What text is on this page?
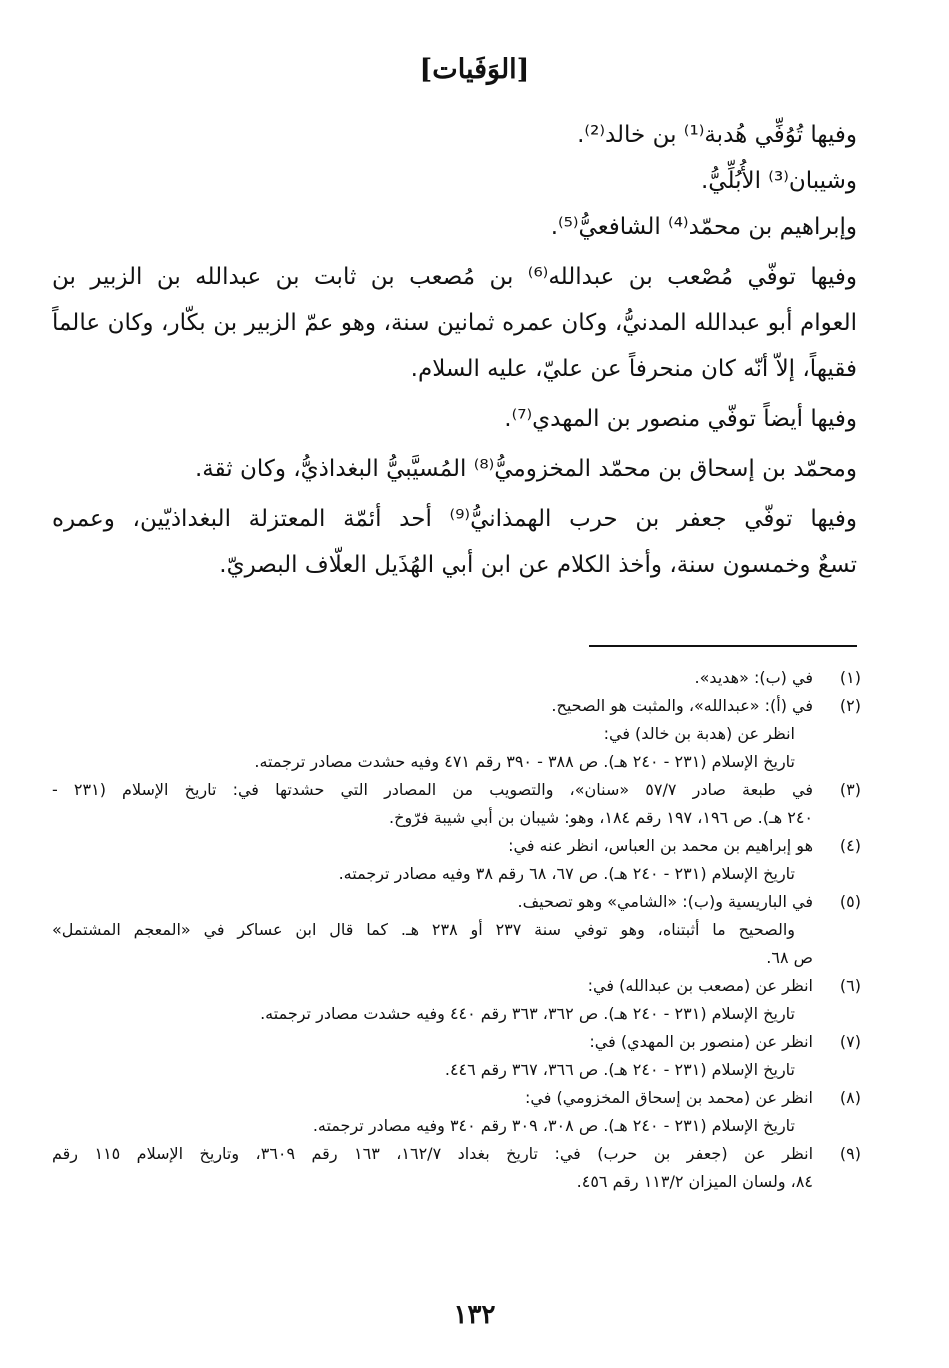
[الوَفَيات]
وفيها تُوُفِّي هُدبة⁽¹⁾ بن خالد⁽²⁾.
وشيبان⁽³⁾ الأُبُلِّيُّ.
وإبراهيم بن محمّد⁽⁴⁾ الشافعيُّ⁽⁵⁾.
وفيها توفّي مُصْعب بن عبدالله⁽⁶⁾ بن مُصعب بن ثابت بن عبدالله بن الزبير بن
العوام أبو عبدالله المدنيُّ، وكان عمره ثمانين سنة، وهو عمّ الزبير بن بكّار، وكان عالماً
فقيهاً، إلاّ أنّه كان منحرفاً عن عليّ، عليه السلام.
وفيها أيضاً توفّي منصور بن المهدي⁽⁷⁾.
ومحمّد بن إسحاق بن محمّد المخزوميُّ⁽⁸⁾ المُسيَّبيُّ البغداذيُّ، وكان ثقة.
وفيها توفّي جعفر بن حرب الهمذانيُّ⁽⁹⁾ أحد أئمّة المعتزلة البغداذيّين، وعمره
تسعٌ وخمسون سنة، وأخذ الكلام عن ابن أبي الهُذَيل العلّاف البصريّ.
(١)
في (ب): «هديد».
(٢)
في (أ): «عبدالله»، والمثبت هو الصحيح.
انظر عن (هدبة بن خالد) في:
تاريخ الإسلام (٢٣١ - ٢٤٠ هـ). ص ٣٨٨ - ٣٩٠ رقم ٤٧١ وفيه حشدت مصادر ترجمته.
(٣)
في طبعة صادر ٥٧/٧ «سنان»، والتصويب من المصادر التي حشدتها في: تاريخ الإسلام (٢٣١ -
٢٤٠ هـ). ص ١٩٦، ١٩٧ رقم ١٨٤، وهو: شيبان بن أبي شيبة فرّوخ.
(٤)
هو إبراهيم بن محمد بن العباس، انظر عنه في:
تاريخ الإسلام (٢٣١ - ٢٤٠ هـ). ص ٦٧، ٦٨ رقم ٣٨ وفيه مصادر ترجمته.
(٥)
في الباريسية و(ب): «الشامي» وهو تصحيف.
والصحيح ما أثبتناه، وهو توفي سنة ٢٣٧ أو ٢٣٨ هـ. كما قال ابن عساكر في «المعجم المشتمل»
ص ٦٨.
(٦)
انظر عن (مصعب بن عبدالله) في:
تاريخ الإسلام (٢٣١ - ٢٤٠ هـ). ص ٣٦٢، ٣٦٣ رقم ٤٤٠ وفيه حشدت مصادر ترجمته.
(٧)
انظر عن (منصور بن المهدي) في:
تاريخ الإسلام (٢٣١ - ٢٤٠ هـ). ص ٣٦٦، ٣٦٧ رقم ٤٤٦.
(٨)
انظر عن (محمد بن إسحاق المخزومي) في:
تاريخ الإسلام (٢٣١ - ٢٤٠ هـ). ص ٣٠٨، ٣٠٩ رقم ٣٤٠ وفيه مصادر ترجمته.
(٩)
انظر عن (جعفر بن حرب) في: تاريخ بغداد ١٦٢/٧، ١٦٣ رقم ٣٦٠٩، وتاريخ الإسلام ١١٥ رقم
٨٤، ولسان الميزان ١١٣/٢ رقم ٤٥٦.
١٣٢
